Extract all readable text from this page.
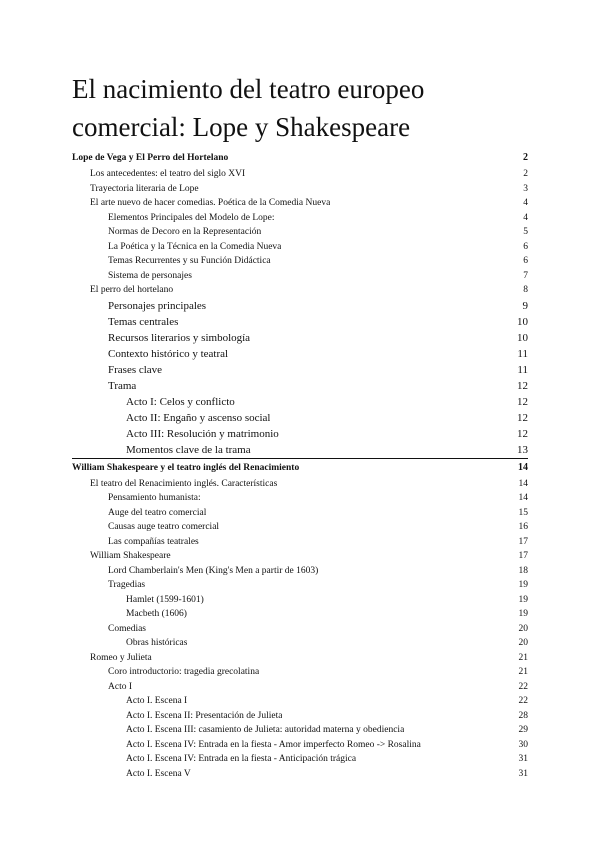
El nacimiento del teatro europeo
comercial: Lope y Shakespeare
Lope de Vega y El Perro del Hortelano	2
Los antecedentes: el teatro del siglo XVI	2
Trayectoria literaria de Lope	3
El arte nuevo de hacer comedias. Poética de la Comedia Nueva	4
Elementos Principales del Modelo de Lope:	4
Normas de Decoro en la Representación	5
La Poética y la Técnica en la Comedia Nueva	6
Temas Recurrentes y su Función Didáctica	6
Sistema de personajes	7
El perro del hortelano	8
Personajes principales	9
Temas centrales	10
Recursos literarios y simbología	10
Contexto histórico y teatral	11
Frases clave	11
Trama	12
Acto I: Celos y conflicto	12
Acto II: Engaño y ascenso social	12
Acto III: Resolución y matrimonio	12
Momentos clave de la trama	13
William Shakespeare y el teatro inglés del Renacimiento	14
El teatro del Renacimiento inglés. Características	14
Pensamiento humanista:	14
Auge del teatro comercial	15
Causas auge teatro comercial	16
Las compañías teatrales	17
William Shakespeare	17
Lord Chamberlain's Men (King's Men a partir de 1603)	18
Tragedias	19
Hamlet (1599-1601)	19
Macbeth (1606)	19
Comedias	20
Obras históricas	20
Romeo y Julieta	21
Coro introductorio: tragedia grecolatina	21
Acto I	22
Acto I. Escena I	22
Acto I. Escena II: Presentación de Julieta	28
Acto I. Escena III: casamiento de Julieta: autoridad materna y obediencia	29
Acto I. Escena IV: Entrada en la fiesta - Amor imperfecto Romeo -> Rosalina	30
Acto I. Escena IV: Entrada en la fiesta - Anticipación trágica	31
Acto I. Escena V	31
